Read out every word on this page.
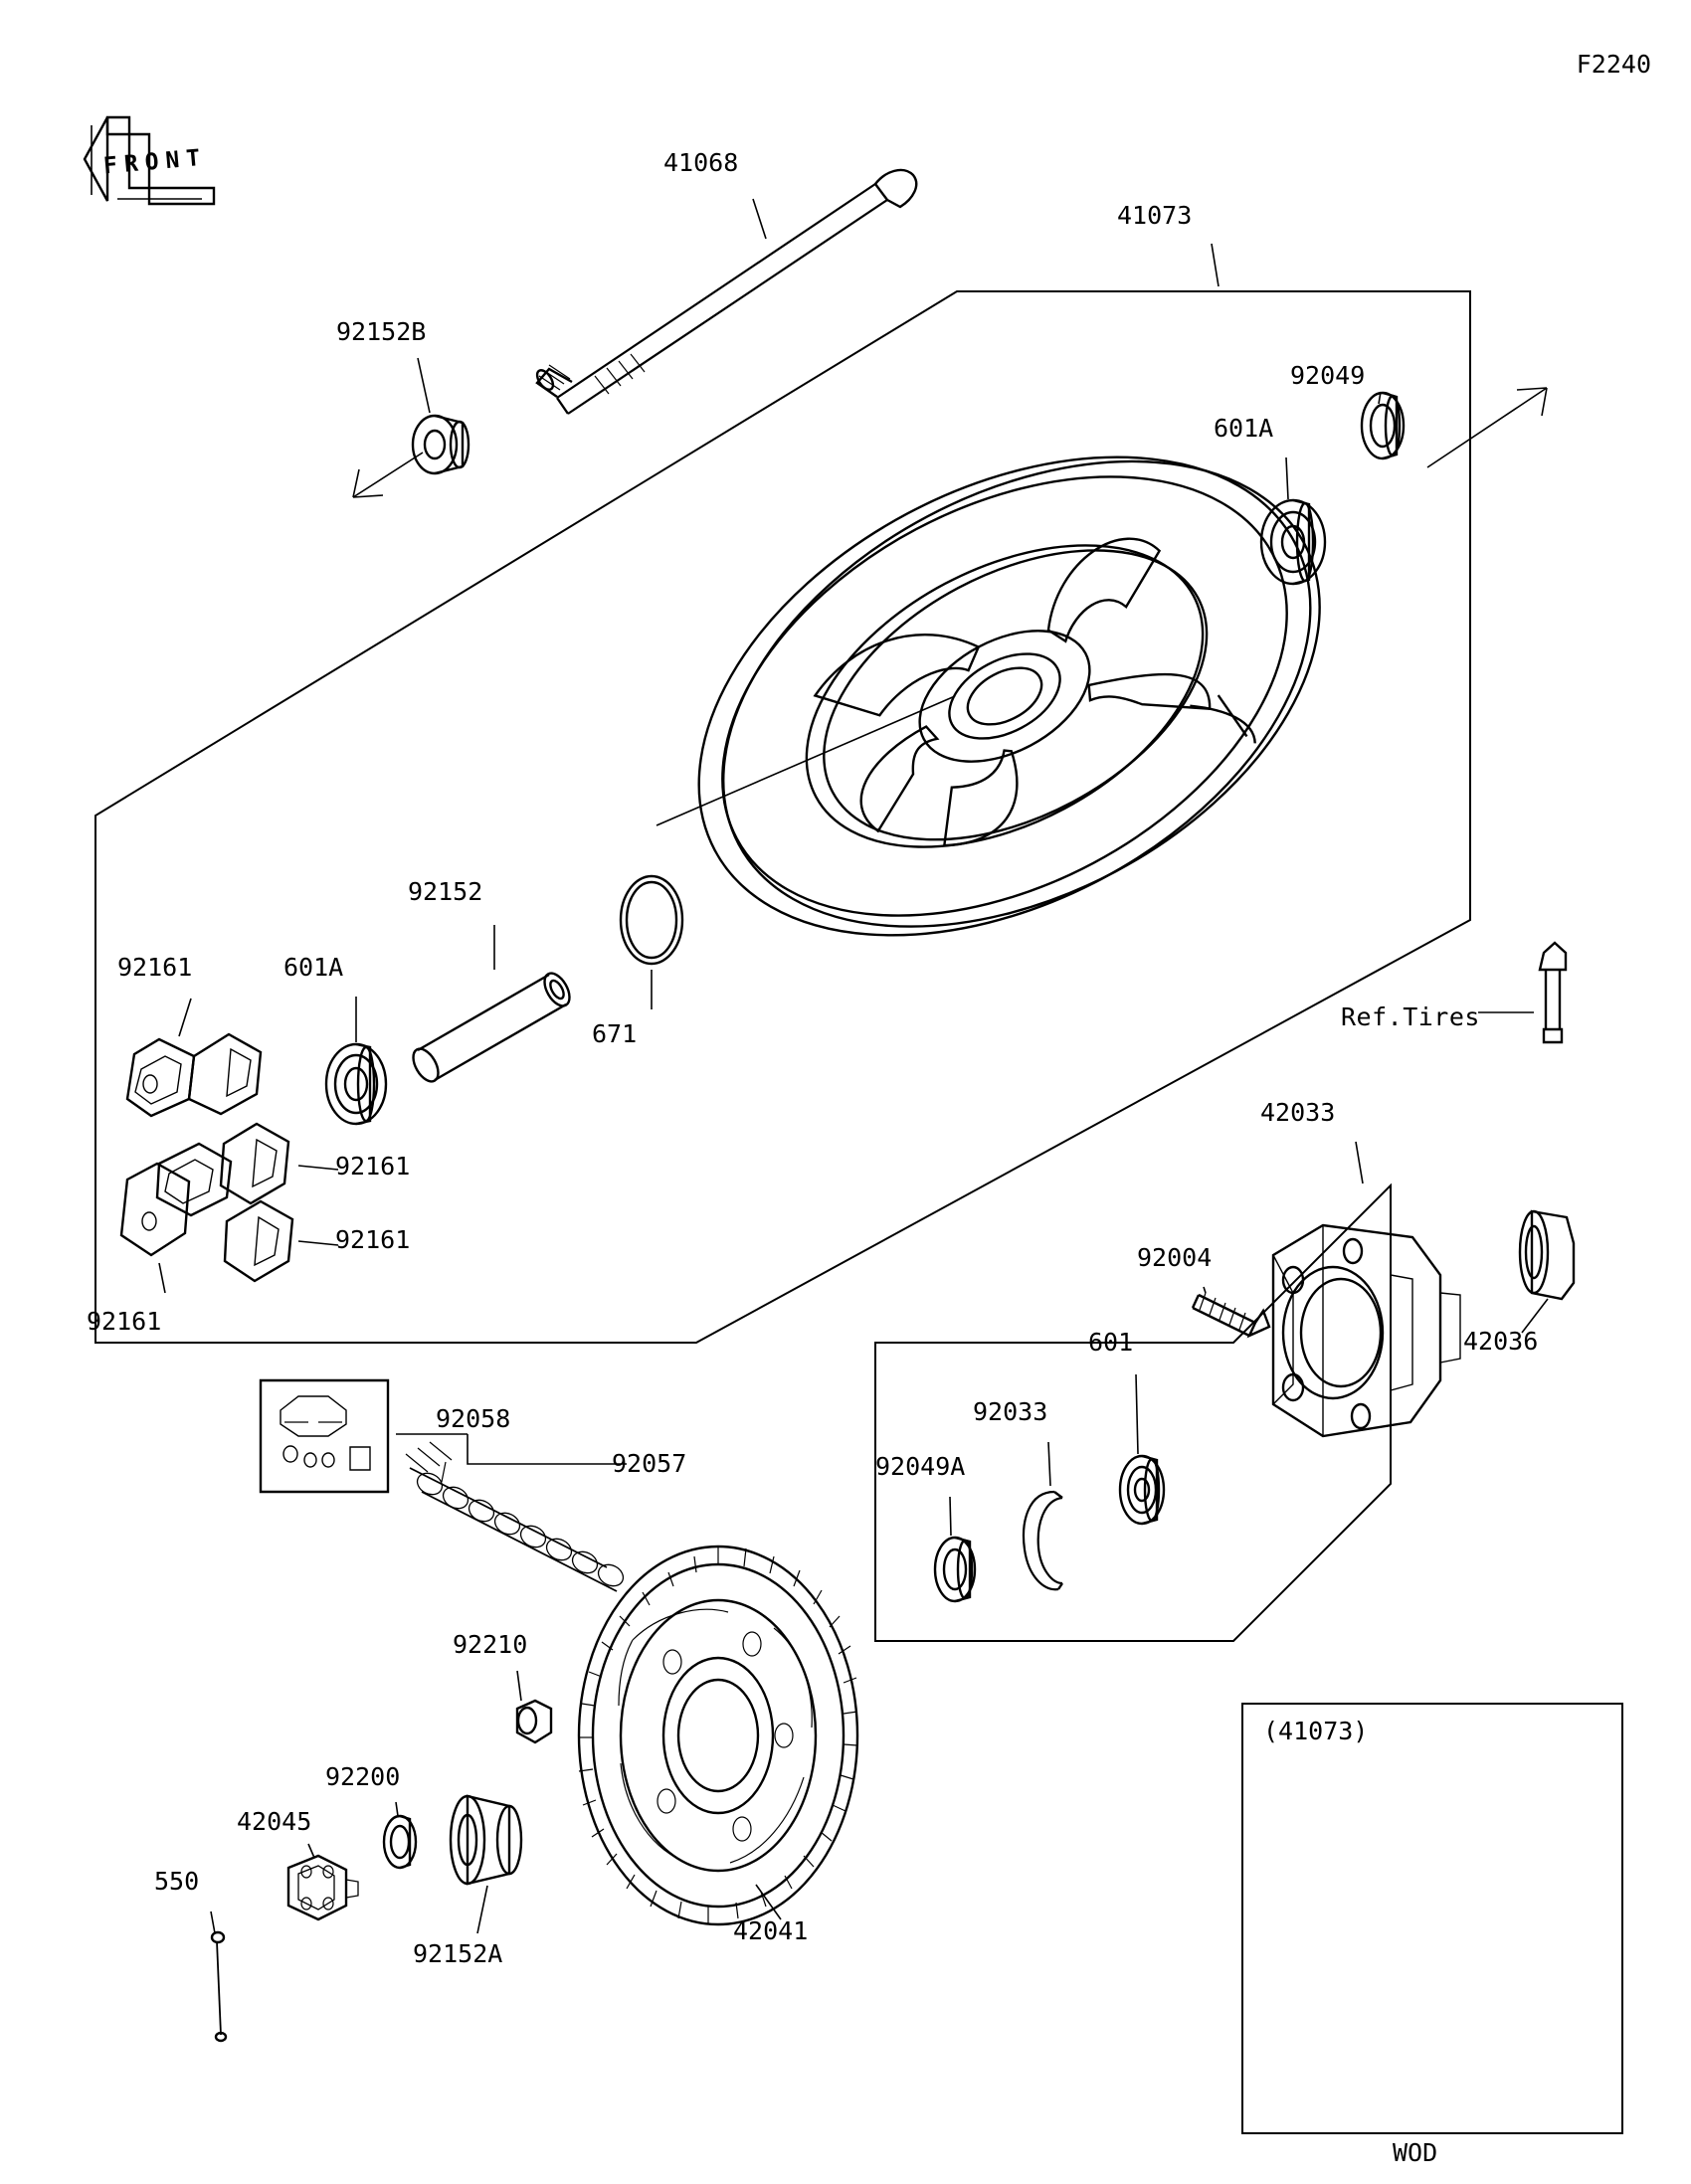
(41073)
WOD
F2240
FRONT
Ref.Tires
41068
41073
92152B
92049
601A
92152
671
92161	601A
92161
92161
92161
42033
92004
42036
601
92033
92049A
92058
92057
92210
92200
42045
550
92152A
42041
